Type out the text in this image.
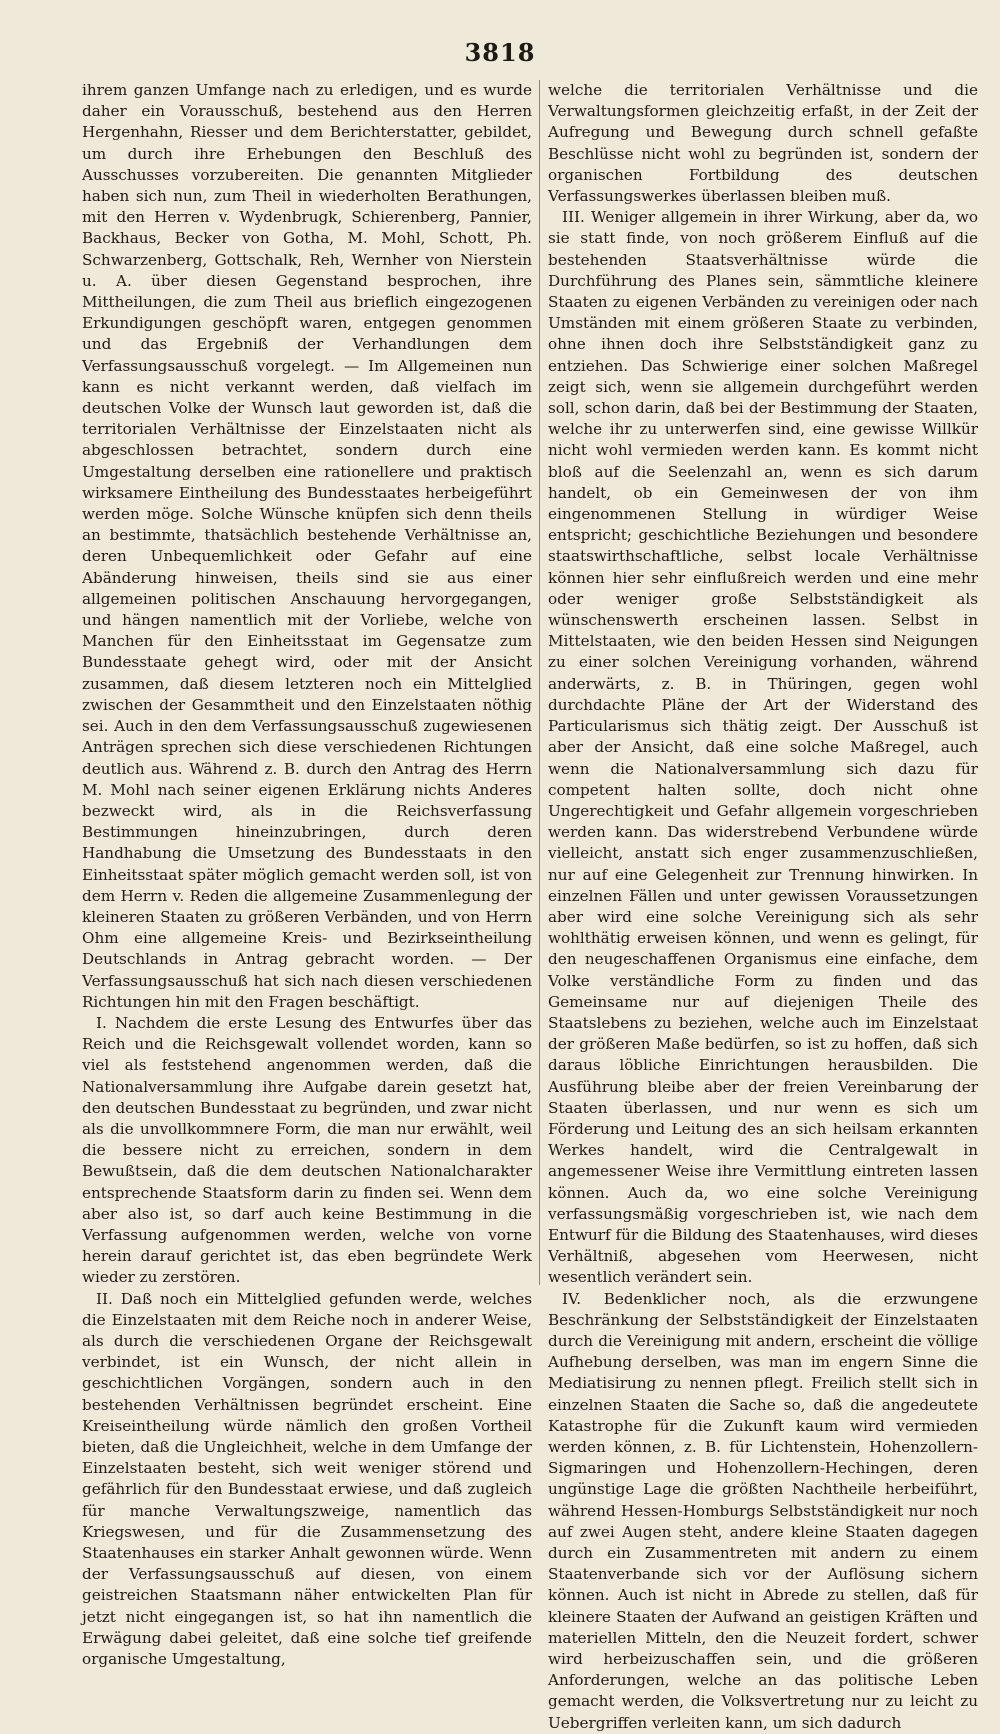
3818

ihrem ganzen Umfange nach zu erledigen, und es wurde daher ein Vorausschuß, bestehend aus den Herren Hergenhahn, Riesser und dem Berichterstatter, gebildet, um durch ihre Erhebungen den Beschluß des Ausschusses vorzubereiten. Die genannten Mitglieder haben sich nun, zum Theil in wiederholten Berathungen, mit den Herren v. Wydenbrugk, Schierenberg, Pannier, Backhaus, Becker von Gotha, M. Mohl, Schott, Ph. Schwarzenberg, Gottschalk, Reh, Wernher von Nierstein u. A. über diesen Gegenstand besprochen, ihre Mittheilungen, die zum Theil aus brieflich eingezogenen Erkundigungen geschöpft waren, entgegen genommen und das Ergebniß der Verhandlungen dem Verfassungsausschuß vorgelegt. — Im Allgemeinen nun kann es nicht verkannt werden, daß vielfach im deutschen Volke der Wunsch laut geworden ist, daß die territorialen Verhältnisse der Einzelstaaten nicht als abgeschlossen betrachtet, sondern durch eine Umgestaltung derselben eine rationellere und praktisch wirksamere Eintheilung des Bundesstaates herbeigeführt werden möge. Solche Wünsche knüpfen sich denn theils an bestimmte, thatsächlich bestehende Verhältnisse an, deren Unbequemlichkeit oder Gefahr auf eine Abänderung hinweisen, theils sind sie aus einer allgemeinen politischen Anschauung hervorgegangen, und hängen namentlich mit der Vorliebe, welche von Manchen für den Einheitsstaat im Gegensatze zum Bundesstaate gehegt wird, oder mit der Ansicht zusammen, daß diesem letzteren noch ein Mittelglied zwischen der Gesammtheit und den Einzelstaaten nöthig sei. Auch in den dem Verfassungsausschuß zugewiesenen Anträgen sprechen sich diese verschiedenen Richtungen deutlich aus. Während z. B. durch den Antrag des Herrn M. Mohl nach seiner eigenen Erklärung nichts Anderes bezweckt wird, als in die Reichsverfassung Bestimmungen hineinzubringen, durch deren Handhabung die Umsetzung des Bundesstaats in den Einheitsstaat später möglich gemacht werden soll, ist von dem Herrn v. Reden die allgemeine Zusammenlegung der kleineren Staaten zu größeren Verbänden, und von Herrn Ohm eine allgemeine Kreis- und Bezirkseintheilung Deutschlands in Antrag gebracht worden. — Der Verfassungsausschuß hat sich nach diesen verschiedenen Richtungen hin mit den Fragen beschäftigt.

I. Nachdem die erste Lesung des Entwurfes über das Reich und die Reichsgewalt vollendet worden, kann so viel als feststehend angenommen werden, daß die Nationalversammlung ihre Aufgabe darein gesetzt hat, den deutschen Bundesstaat zu begründen, und zwar nicht als die unvollkommnere Form, die man nur erwählt, weil die bessere nicht zu erreichen, sondern in dem Bewußtsein, daß die dem deutschen Nationalcharakter entsprechende Staatsform darin zu finden sei. Wenn dem aber also ist, so darf auch keine Bestimmung in die Verfassung aufgenommen werden, welche von vorne herein darauf gerichtet ist, das eben begründete Werk wieder zu zerstören.

II. Daß noch ein Mittelglied gefunden werde, welches die Einzelstaaten mit dem Reiche noch in anderer Weise, als durch die verschiedenen Organe der Reichsgewalt verbindet, ist ein Wunsch, der nicht allein in geschichtlichen Vorgängen, sondern auch in den bestehenden Verhältnissen begründet erscheint. Eine Kreiseintheilung würde nämlich den großen Vortheil bieten, daß die Ungleichheit, welche in dem Umfange der Einzelstaaten besteht, sich weit weniger störend und gefährlich für den Bundesstaat erwiese, und daß zugleich für manche Verwaltungszweige, namentlich das Kriegswesen, und für die Zusammensetzung des Staatenhauses ein starker Anhalt gewonnen würde. Wenn der Verfassungsausschuß auf diesen, von einem geistreichen Staatsmann näher entwickelten Plan für jetzt nicht eingegangen ist, so hat ihn namentlich die Erwägung dabei geleitet, daß eine solche tief greifende organische Umgestaltung,

welche die territorialen Verhältnisse und die Verwaltungsformen gleichzeitig erfaßt, in der Zeit der Aufregung und Bewegung durch schnell gefaßte Beschlüsse nicht wohl zu begründen ist, sondern der organischen Fortbildung des deutschen Verfassungswerkes überlassen bleiben muß.

III. Weniger allgemein in ihrer Wirkung, aber da, wo sie statt finde, von noch größerem Einfluß auf die bestehenden Staatsverhältnisse würde die Durchführung des Planes sein, sämmtliche kleinere Staaten zu eigenen Verbänden zu vereinigen oder nach Umständen mit einem größeren Staate zu verbinden, ohne ihnen doch ihre Selbstständigkeit ganz zu entziehen. Das Schwierige einer solchen Maßregel zeigt sich, wenn sie allgemein durchgeführt werden soll, schon darin, daß bei der Bestimmung der Staaten, welche ihr zu unterwerfen sind, eine gewisse Willkür nicht wohl vermieden werden kann. Es kommt nicht bloß auf die Seelenzahl an, wenn es sich darum handelt, ob ein Gemeinwesen der von ihm eingenommenen Stellung in würdiger Weise entspricht; geschichtliche Beziehungen und besondere staatswirthschaftliche, selbst locale Verhältnisse können hier sehr einflußreich werden und eine mehr oder weniger große Selbstständigkeit als wünschenswerth erscheinen lassen. Selbst in Mittelstaaten, wie den beiden Hessen sind Neigungen zu einer solchen Vereinigung vorhanden, während anderwärts, z. B. in Thüringen, gegen wohl durchdachte Pläne der Art der Widerstand des Particularismus sich thätig zeigt. Der Ausschuß ist aber der Ansicht, daß eine solche Maßregel, auch wenn die Nationalversammlung sich dazu für competent halten sollte, doch nicht ohne Ungerechtigkeit und Gefahr allgemein vorgeschrieben werden kann. Das widerstrebend Verbundene würde vielleicht, anstatt sich enger zusammenzuschließen, nur auf eine Gelegenheit zur Trennung hinwirken. In einzelnen Fällen und unter gewissen Voraussetzungen aber wird eine solche Vereinigung sich als sehr wohlthätig erweisen können, und wenn es gelingt, für den neugeschaffenen Organismus eine einfache, dem Volke verständliche Form zu finden und das Gemeinsame nur auf diejenigen Theile des Staatslebens zu beziehen, welche auch im Einzelstaat der größeren Maße bedürfen, so ist zu hoffen, daß sich daraus löbliche Einrichtungen herausbilden. Die Ausführung bleibe aber der freien Vereinbarung der Staaten überlassen, und nur wenn es sich um Förderung und Leitung des an sich heilsam erkannten Werkes handelt, wird die Centralgewalt in angemessener Weise ihre Vermittlung eintreten lassen können. Auch da, wo eine solche Vereinigung verfassungsmäßig vorgeschrieben ist, wie nach dem Entwurf für die Bildung des Staatenhauses, wird dieses Verhältniß, abgesehen vom Heerwesen, nicht wesentlich verändert sein.

IV. Bedenklicher noch, als die erzwungene Beschränkung der Selbstständigkeit der Einzelstaaten durch die Vereinigung mit andern, erscheint die völlige Aufhebung derselben, was man im engern Sinne die Mediatisirung zu nennen pflegt. Freilich stellt sich in einzelnen Staaten die Sache so, daß die angedeutete Katastrophe für die Zukunft kaum wird vermieden werden können, z. B. für Lichtenstein, Hohenzollern-Sigmaringen und Hohenzollern-Hechingen, deren ungünstige Lage die größten Nachtheile herbeiführt, während Hessen-Homburgs Selbstständigkeit nur noch auf zwei Augen steht, andere kleine Staaten dagegen durch ein Zusammentreten mit andern zu einem Staatenverbande sich vor der Auflösung sichern können. Auch ist nicht in Abrede zu stellen, daß für kleinere Staaten der Aufwand an geistigen Kräften und materiellen Mitteln, den die Neuzeit fordert, schwer wird herbeizuschaffen sein, und die größeren Anforderungen, welche an das politische Leben gemacht werden, die Volksvertretung nur zu leicht zu Uebergriffen verleiten kann, um sich dadurch
